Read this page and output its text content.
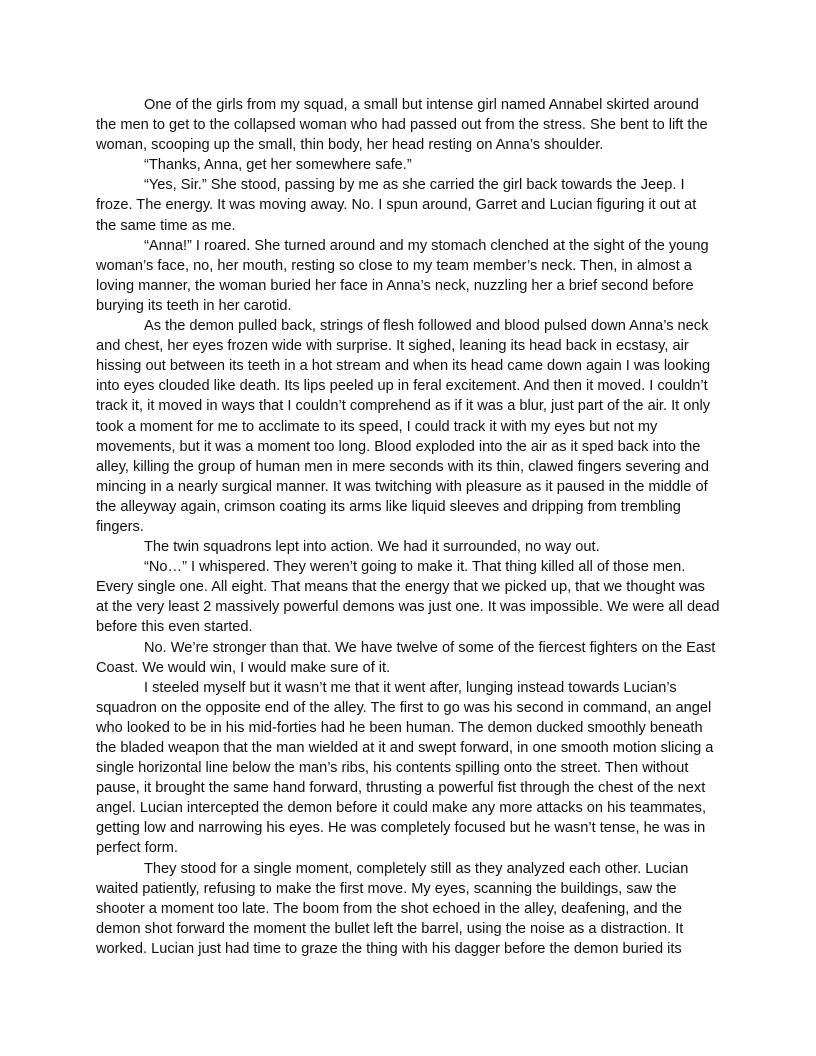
One of the girls from my squad, a small but intense girl named Annabel skirted around the men to get to the collapsed woman who had passed out from the stress. She bent to lift the woman, scooping up the small, thin body, her head resting on Anna’s shoulder.

“Thanks, Anna, get her somewhere safe.”

“Yes, Sir.” She stood, passing by me as she carried the girl back towards the Jeep. I froze. The energy. It was moving away. No. I spun around, Garret and Lucian figuring it out at the same time as me.

“Anna!” I roared. She turned around and my stomach clenched at the sight of the young woman’s face, no, her mouth, resting so close to my team member’s neck. Then, in almost a loving manner, the woman buried her face in Anna’s neck, nuzzling her a brief second before burying its teeth in her carotid.

As the demon pulled back, strings of flesh followed and blood pulsed down Anna’s neck and chest, her eyes frozen wide with surprise. It sighed, leaning its head back in ecstasy, air hissing out between its teeth in a hot stream and when its head came down again I was looking into eyes clouded like death. Its lips peeled up in feral excitement. And then it moved. I couldn’t track it, it moved in ways that I couldn’t comprehend as if it was a blur, just part of the air. It only took a moment for me to acclimate to its speed, I could track it with my eyes but not my movements, but it was a moment too long. Blood exploded into the air as it sped back into the alley, killing the group of human men in mere seconds with its thin, clawed fingers severing and mincing in a nearly surgical manner. It was twitching with pleasure as it paused in the middle of the alleyway again, crimson coating its arms like liquid sleeves and dripping from trembling fingers.

The twin squadrons lept into action. We had it surrounded, no way out.

“No…” I whispered. They weren’t going to make it. That thing killed all of those men. Every single one. All eight. That means that the energy that we picked up, that we thought was at the very least 2 massively powerful demons was just one. It was impossible. We were all dead before this even started.

No. We’re stronger than that. We have twelve of some of the fiercest fighters on the East Coast. We would win, I would make sure of it.

I steeled myself but it wasn’t me that it went after, lunging instead towards Lucian’s squadron on the opposite end of the alley. The first to go was his second in command, an angel who looked to be in his mid-forties had he been human. The demon ducked smoothly beneath the bladed weapon that the man wielded at it and swept forward, in one smooth motion slicing a single horizontal line below the man’s ribs, his contents spilling onto the street. Then without pause, it brought the same hand forward, thrusting a powerful fist through the chest of the next angel. Lucian intercepted the demon before it could make any more attacks on his teammates, getting low and narrowing his eyes. He was completely focused but he wasn’t tense, he was in perfect form.

They stood for a single moment, completely still as they analyzed each other. Lucian waited patiently, refusing to make the first move. My eyes, scanning the buildings, saw the shooter a moment too late. The boom from the shot echoed in the alley, deafening, and the demon shot forward the moment the bullet left the barrel, using the noise as a distraction. It worked. Lucian just had time to graze the thing with his dagger before the demon buried its
